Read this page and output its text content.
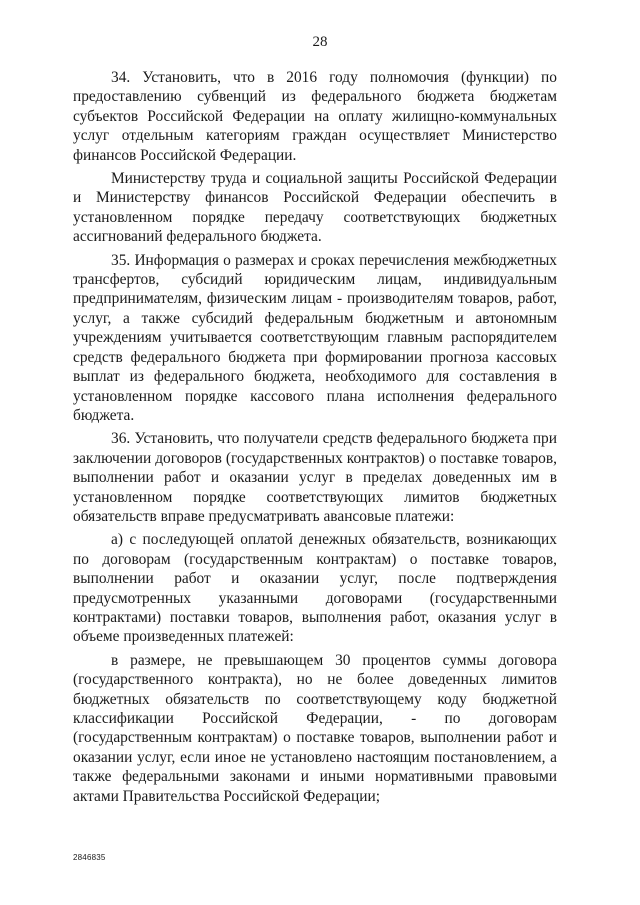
28

34. Установить, что в 2016 году полномочия (функции) по предоставлению субвенций из федерального бюджета бюджетам субъектов Российской Федерации на оплату жилищно-коммунальных услуг отдельным категориям граждан осуществляет Министерство финансов Российской Федерации.

Министерству труда и социальной защиты Российской Федерации и Министерству финансов Российской Федерации обеспечить в установленном порядке передачу соответствующих бюджетных ассигнований федерального бюджета.

35. Информация о размерах и сроках перечисления межбюджетных трансфертов, субсидий юридическим лицам, индивидуальным предпринимателям, физическим лицам - производителям товаров, работ, услуг, а также субсидий федеральным бюджетным и автономным учреждениям учитывается соответствующим главным распорядителем средств федерального бюджета при формировании прогноза кассовых выплат из федерального бюджета, необходимого для составления в установленном порядке кассового плана исполнения федерального бюджета.

36. Установить, что получатели средств федерального бюджета при заключении договоров (государственных контрактов) о поставке товаров, выполнении работ и оказании услуг в пределах доведенных им в установленном порядке соответствующих лимитов бюджетных обязательств вправе предусматривать авансовые платежи:

а) с последующей оплатой денежных обязательств, возникающих по договорам (государственным контрактам) о поставке товаров, выполнении работ и оказании услуг, после подтверждения предусмотренных указанными договорами (государственными контрактами) поставки товаров, выполнения работ, оказания услуг в объеме произведенных платежей:

в размере, не превышающем 30 процентов суммы договора (государственного контракта), но не более доведенных лимитов бюджетных обязательств по соответствующему коду бюджетной классификации Российской Федерации, - по договорам (государственным контрактам) о поставке товаров, выполнении работ и оказании услуг, если иное не установлено настоящим постановлением, а также федеральными законами и иными нормативными правовыми актами Правительства Российской Федерации;

2846835
